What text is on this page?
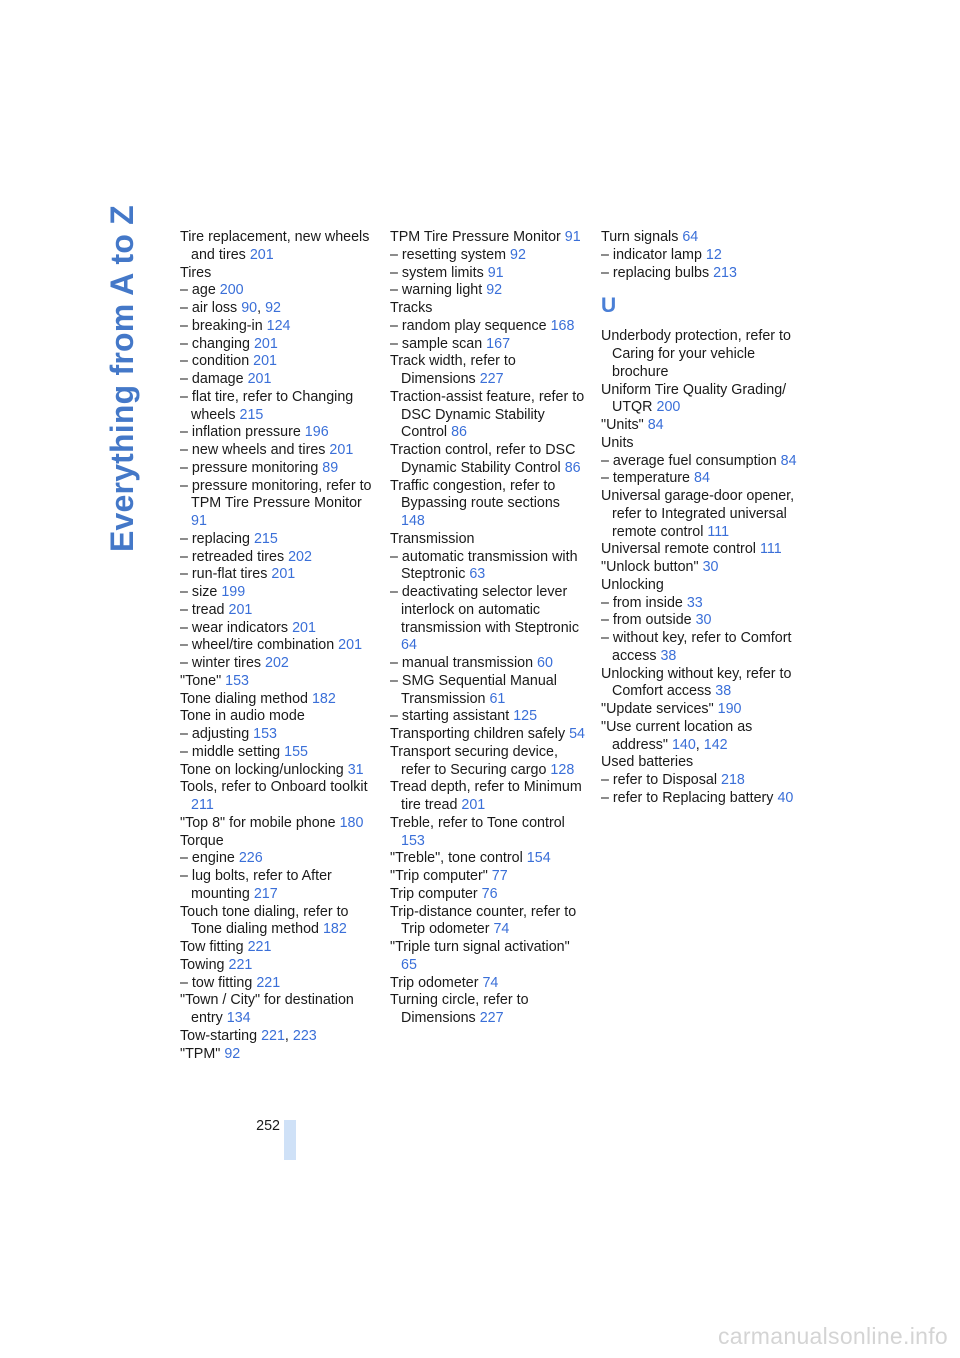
Everything from A to Z	Tire replacement, new wheels and tires 201
Tires
– age 200
– air loss 90, 92
– breaking-in 124
– changing 201
– condition 201
– damage 201
– flat tire, refer to Changing wheels 215
– inflation pressure 196
– new wheels and tires 201
– pressure monitoring 89
– pressure monitoring, refer to TPM Tire Pressure Monitor 91
– replacing 215
– retreaded tires 202
– run-flat tires 201
– size 199
– tread 201
– wear indicators 201
– wheel/tire combination 201
– winter tires 202
"Tone" 153
Tone dialing method 182
Tone in audio mode
– adjusting 153
– middle setting 155
Tone on locking/unlocking 31
Tools, refer to Onboard toolkit 211
"Top 8" for mobile phone 180
Torque
– engine 226
– lug bolts, refer to After mounting 217
Touch tone dialing, refer to Tone dialing method 182
Tow fitting 221
Towing 221
– tow fitting 221
"Town / City" for destination entry 134
Tow-starting 221, 223
"TPM" 92
TPM Tire Pressure Monitor 91
– resetting system 92
– system limits 91
– warning light 92
Tracks
– random play sequence 168
– sample scan 167
Track width, refer to Dimensions 227
Traction-assist feature, refer to DSC Dynamic Stability Control 86
Traction control, refer to DSC Dynamic Stability Control 86
Traffic congestion, refer to Bypassing route sections 148
Transmission
– automatic transmission with Steptronic 63
– deactivating selector lever interlock on automatic transmission with Steptronic 64
– manual transmission 60
– SMG Sequential Manual Transmission 61
– starting assistant 125
Transporting children safely 54
Transport securing device, refer to Securing cargo 128
Tread depth, refer to Minimum tire tread 201
Treble, refer to Tone control 153
"Treble", tone control 154
"Trip computer" 77
Trip computer 76
Trip-distance counter, refer to Trip odometer 74
"Triple turn signal activation" 65
Trip odometer 74
Turning circle, refer to Dimensions 227
Turn signals 64
– indicator lamp 12
– replacing bulbs 213
U
Underbody protection, refer to Caring for your vehicle brochure
Uniform Tire Quality Grading/ UTQR 200
"Units" 84
Units
– average fuel consumption 84
– temperature 84
Universal garage-door opener, refer to Integrated universal remote control 111
Universal remote control 111
"Unlock button" 30
Unlocking
– from inside 33
– from outside 30
– without key, refer to Comfort access 38
Unlocking without key, refer to Comfort access 38
"Update services" 190
"Use current location as address" 140, 142
Used batteries
– refer to Disposal 218
– refer to Replacing battery 40
252
carmanualsonline.info
